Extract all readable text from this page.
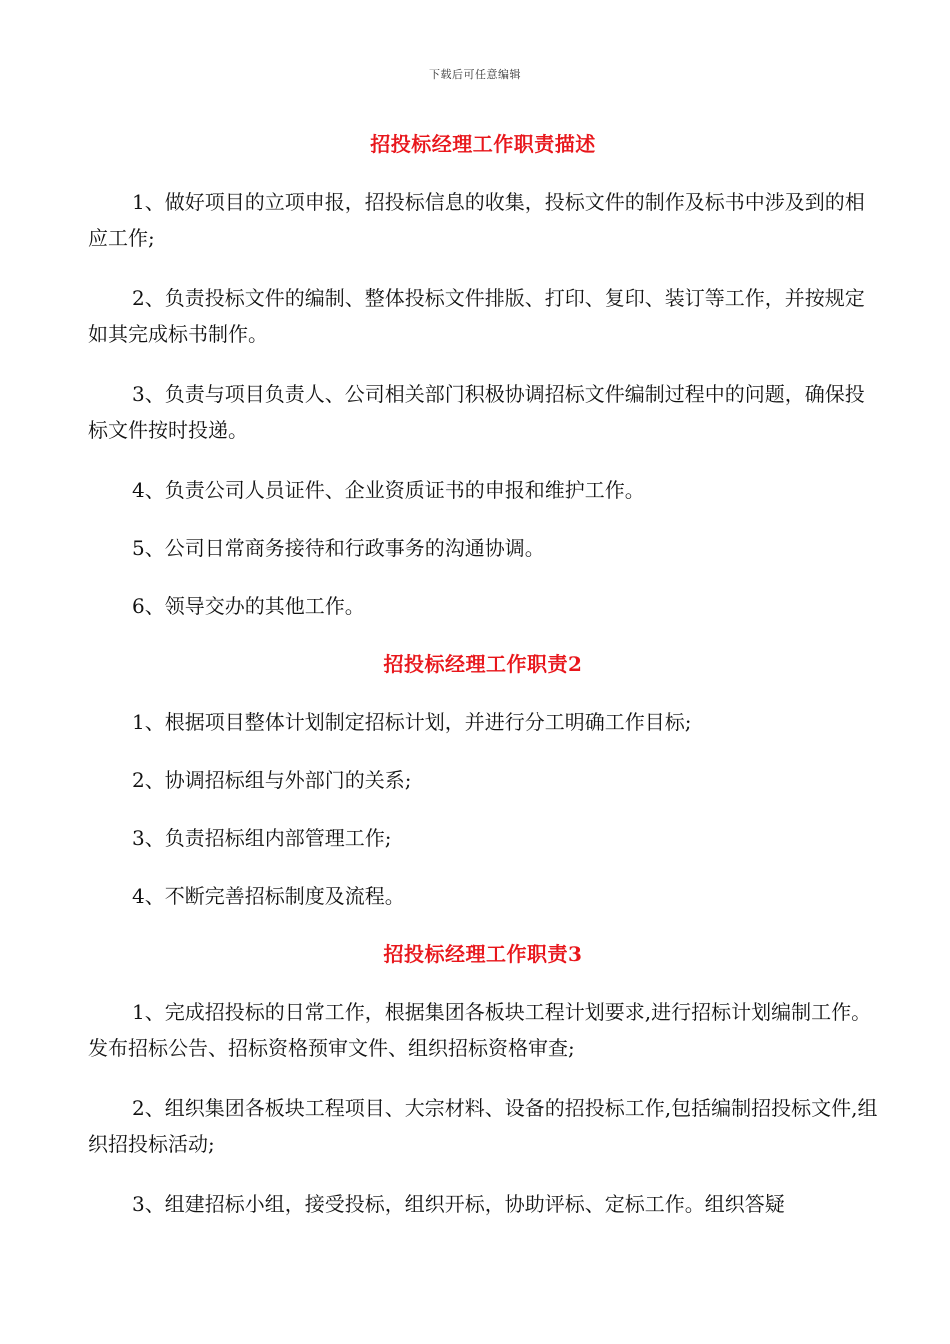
下载后可任意编辑
招投标经理工作职责描述

1、做好项目的立项申报，招投标信息的收集，投标文件的制作及标书中涉及到的相应工作;

2、负责投标文件的编制、整体投标文件排版、打印、复印、装订等工作，并按规定如其完成标书制作。

3、负责与项目负责人、公司相关部门积极协调招标文件编制过程中的问题，确保投标文件按时投递。

4、负责公司人员证件、企业资质证书的申报和维护工作。

5、公司日常商务接待和行政事务的沟通协调。

6、领导交办的其他工作。

招投标经理工作职责2

1、根据项目整体计划制定招标计划，并进行分工明确工作目标;

2、协调招标组与外部门的关系;

3、负责招标组内部管理工作;

4、不断完善招标制度及流程。

招投标经理工作职责3

1、完成招投标的日常工作，根据集团各板块工程计划要求,进行招标计划编制工作。发布招标公告、招标资格预审文件、组织招标资格审查;

2、组织集团各板块工程项目、大宗材料、设备的招投标工作,包括编制招投标文件,组织招投标活动;

3、组建招标小组，接受投标，组织开标，协助评标、定标工作。组织答疑
